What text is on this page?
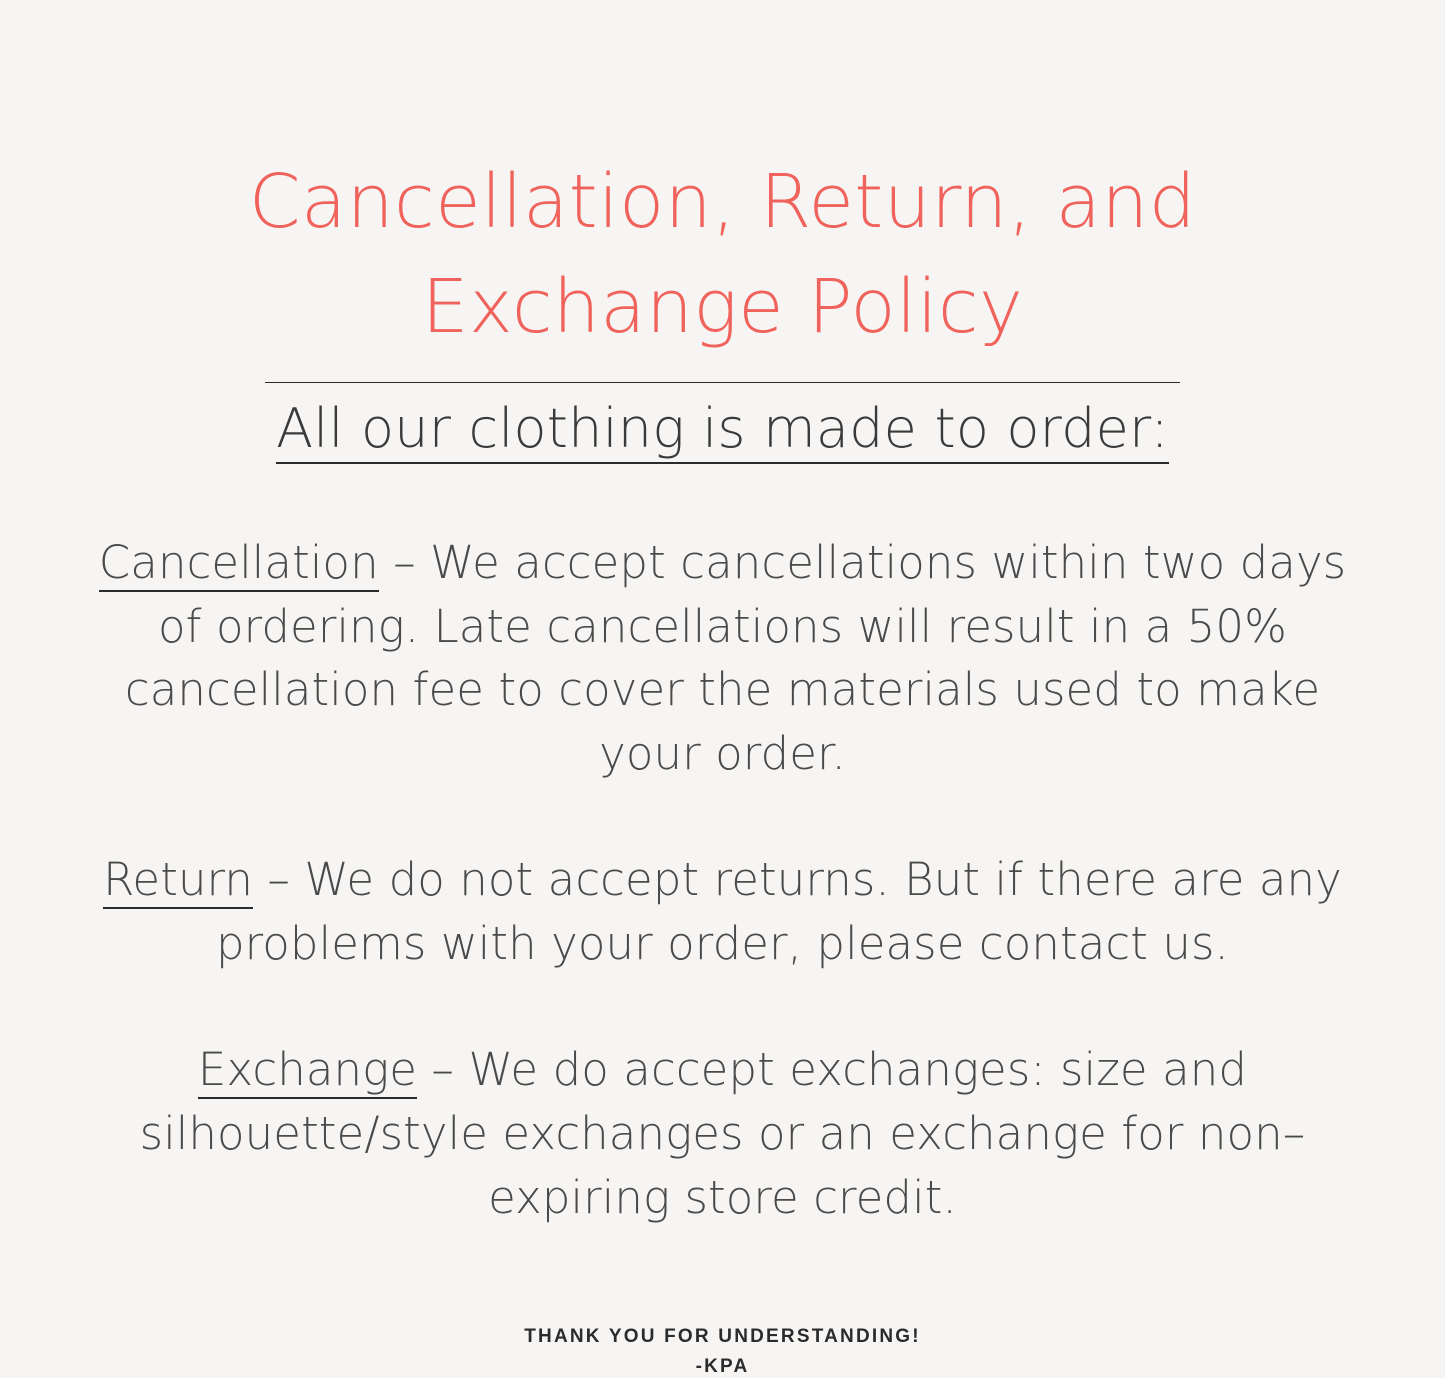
Cancellation, Return, and Exchange Policy
All our clothing is made to order:
Cancellation – We accept cancellations within two days of ordering. Late cancellations will result in a 50% cancellation fee to cover the materials used to make your order.
Return – We do not accept returns. But if there are any problems with your order, please contact us.
Exchange – We do accept exchanges: size and silhouette/style exchanges or an exchange for non–expiring store credit.
THANK YOU FOR UNDERSTANDING!
-KPA
